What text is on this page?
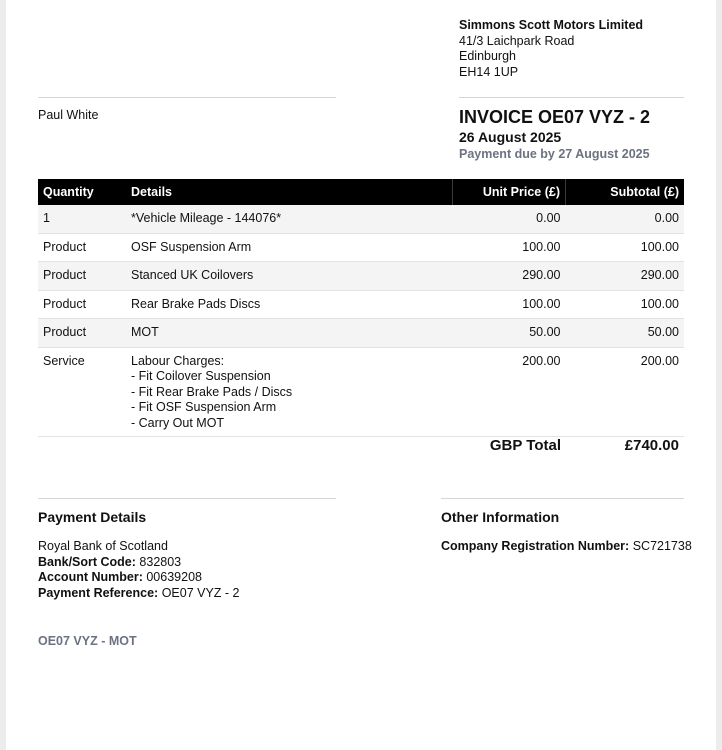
Simmons Scott Motors Limited
41/3 Laichpark Road
Edinburgh
EH14 1UP
Paul White	INVOICE OE07 VYZ - 2
26 August 2025
Payment due by 27 August 2025
Quantity	Details	Unit Price (£)	Subtotal (£)
1	*Vehicle Mileage - 144076*	0.00	0.00
Product	OSF Suspension Arm	100.00	100.00
Product	Stanced UK Coilovers	290.00	290.00
Product	Rear Brake Pads Discs	100.00	100.00
Product	MOT	50.00	50.00
Service	Labour Charges:
- Fit Coilover Suspension
- Fit Rear Brake Pads / Discs
- Fit OSF Suspension Arm
- Carry Out MOT	200.00	200.00
GBP Total	£740.00
Payment Details	Other Information
Royal Bank of Scotland
Bank/Sort Code: 832803
Account Number: 00639208
Payment Reference: OE07 VYZ - 2
Company Registration Number: SC721738
OE07 VYZ - MOT
